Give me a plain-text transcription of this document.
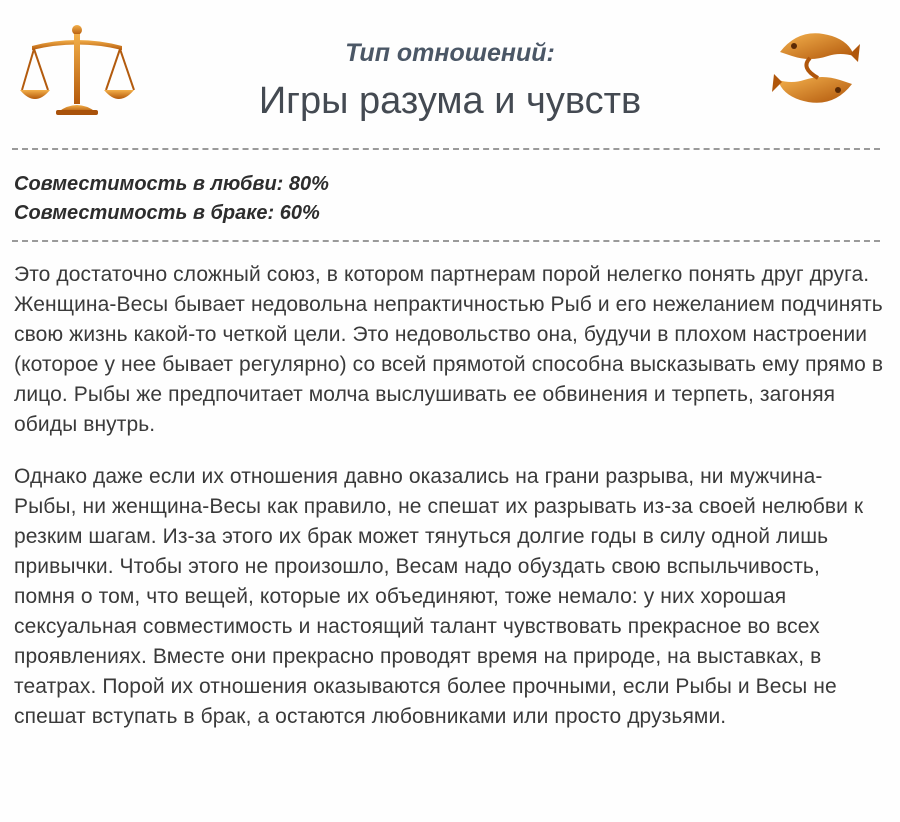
Тип отношений:

Игры разума и чувств

Совместимость в любви: 80%

Совместимость в браке: 60%

Это достаточно сложный союз, в котором партнерам порой нелегко понять друг друга. Женщина-Весы бывает недовольна непрактичностью Рыб и его нежеланием подчинять свою жизнь какой-то четкой цели. Это недовольство она, будучи в плохом настроении (которое у нее бывает регулярно) со всей прямотой способна высказывать ему прямо в лицо. Рыбы же предпочитает молча выслушивать ее обвинения и терпеть, загоняя обиды внутрь.

Однако даже если их отношения давно оказались на грани разрыва, ни мужчина-Рыбы, ни женщина-Весы как правило, не спешат их разрывать из-за своей нелюбви к резким шагам. Из-за этого их брак может тянуться долгие годы в силу одной лишь привычки. Чтобы этого не произошло, Весам надо обуздать свою вспыльчивость, помня о том, что вещей, которые их объединяют, тоже немало: у них хорошая сексуальная совместимость и настоящий талант чувствовать прекрасное во всех проявлениях. Вместе они прекрасно проводят время на природе, на выставках, в театрах. Порой их отношения оказываются более прочными, если Рыбы и Весы не спешат вступать в брак, а остаются любовниками или просто друзьями.
